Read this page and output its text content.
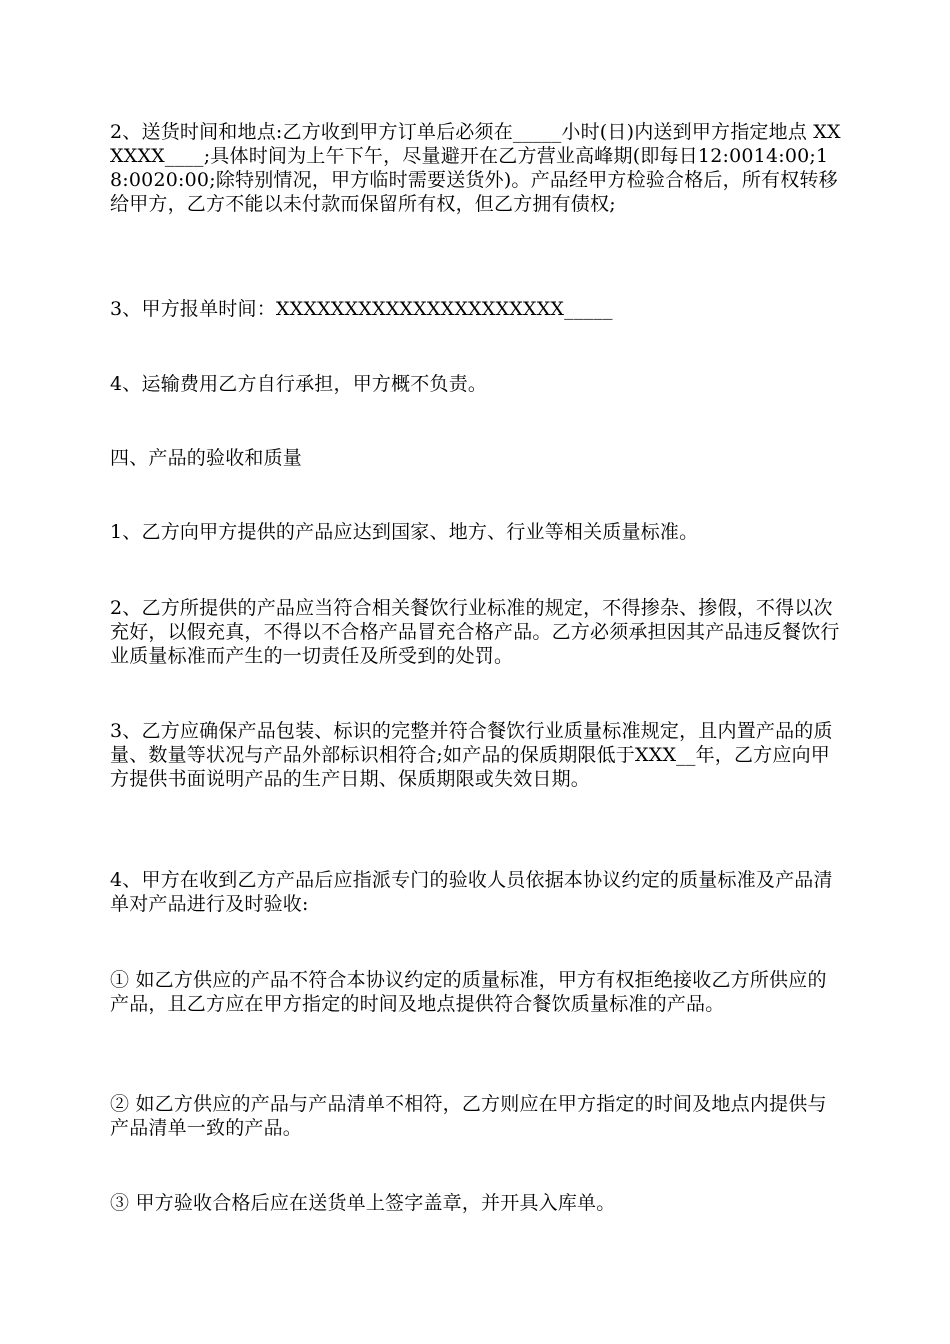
2、送货时间和地点:乙方收到甲方订单后必须在_____小时(日)内送到甲方指定地点 XXXXXX____;具体时间为上午下午，尽量避开在乙方营业高峰期(即每日12:0014:00;18:0020:00;除特别情况，甲方临时需要送货外)。产品经甲方检验合格后，所有权转移给甲方，乙方不能以未付款而保留所有权，但乙方拥有债权;

3、甲方报单时间：XXXXXXXXXXXXXXXXXXXXX_____

4、运输费用乙方自行承担，甲方概不负责。

四、产品的验收和质量

1、乙方向甲方提供的产品应达到国家、地方、行业等相关质量标准。

2、乙方所提供的产品应当符合相关餐饮行业标准的规定，不得掺杂、掺假，不得以次充好，以假充真，不得以不合格产品冒充合格产品。乙方必须承担因其产品违反餐饮行业质量标准而产生的一切责任及所受到的处罚。

3、乙方应确保产品包装、标识的完整并符合餐饮行业质量标准规定，且内置产品的质量、数量等状况与产品外部标识相符合;如产品的保质期限低于XXX__年，乙方应向甲方提供书面说明产品的生产日期、保质期限或失效日期。

4、甲方在收到乙方产品后应指派专门的验收人员依据本协议约定的质量标准及产品清单对产品进行及时验收:

① 如乙方供应的产品不符合本协议约定的质量标准，甲方有权拒绝接收乙方所供应的产品，且乙方应在甲方指定的时间及地点提供符合餐饮质量标准的产品。

② 如乙方供应的产品与产品清单不相符，乙方则应在甲方指定的时间及地点内提供与产品清单一致的产品。

③ 甲方验收合格后应在送货单上签字盖章，并开具入库单。
